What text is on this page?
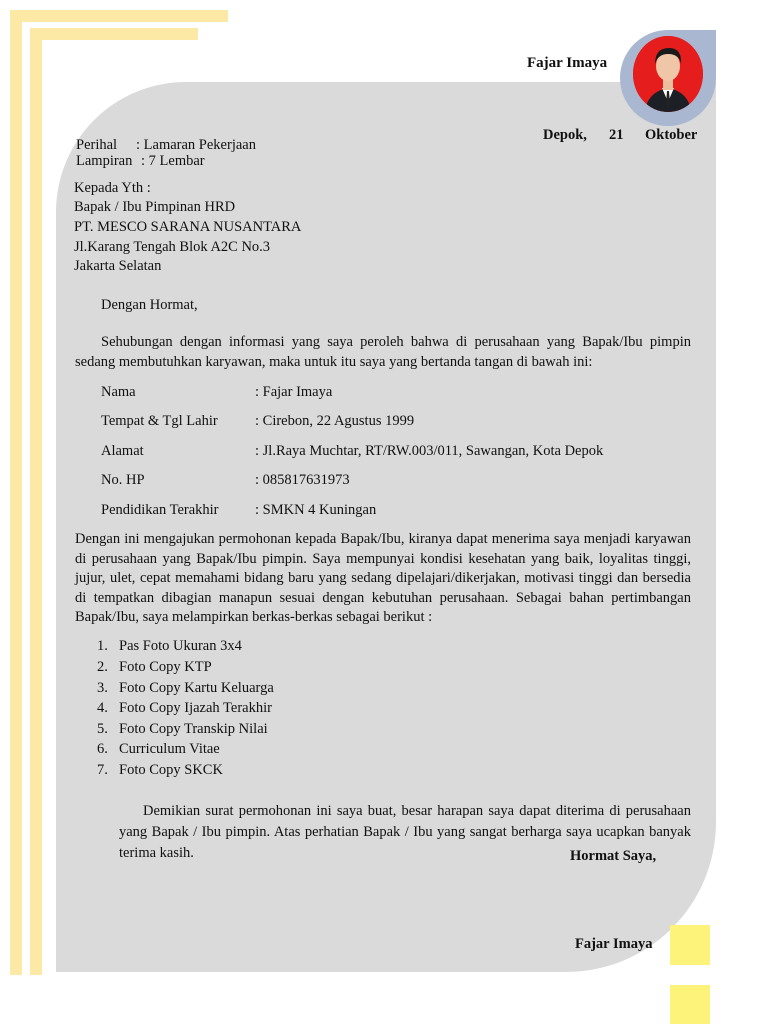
Fajar Imaya
Depok, 21 Oktober
Perihal : Lamaran Pekerjaan
Lampiran : 7 Lembar
Kepada Yth :
Bapak / Ibu Pimpinan HRD
PT. MESCO SARANA NUSANTARA
Jl.Karang Tengah Blok A2C No.3
Jakarta Selatan
Dengan Hormat,
Sehubungan dengan informasi yang saya peroleh bahwa di perusahaan yang Bapak/Ibu pimpin sedang membutuhkan karyawan, maka untuk itu saya yang bertanda tangan di bawah ini:
Nama	: Fajar Imaya
Tempat & Tgl Lahir	: Cirebon, 22 Agustus 1999
Alamat	: Jl.Raya Muchtar, RT/RW.003/011, Sawangan, Kota Depok
No. HP	: 085817631973
Pendidikan Terakhir	: SMKN 4 Kuningan
Dengan ini mengajukan permohonan kepada Bapak/Ibu, kiranya dapat menerima saya menjadi karyawan di perusahaan yang Bapak/Ibu pimpin. Saya mempunyai kondisi kesehatan yang baik, loyalitas tinggi, jujur, ulet, cepat memahami bidang baru yang sedang dipelajari/dikerjakan, motivasi tinggi dan bersedia di tempatkan dibagian manapun sesuai dengan kebutuhan perusahaan. Sebagai bahan pertimbangan Bapak/Ibu, saya melampirkan berkas-berkas sebagai berikut :
1. Pas Foto Ukuran 3x4
2. Foto Copy KTP
3. Foto Copy Kartu Keluarga
4. Foto Copy Ijazah Terakhir
5. Foto Copy Transkip Nilai
6. Curriculum Vitae
7. Foto Copy SKCK
Demikian surat permohonan ini saya buat, besar harapan saya dapat diterima di perusahaan yang Bapak / Ibu pimpin. Atas perhatian Bapak / Ibu yang sangat berharga saya ucapkan banyak terima kasih.	Hormat Saya,
Fajar Imaya
